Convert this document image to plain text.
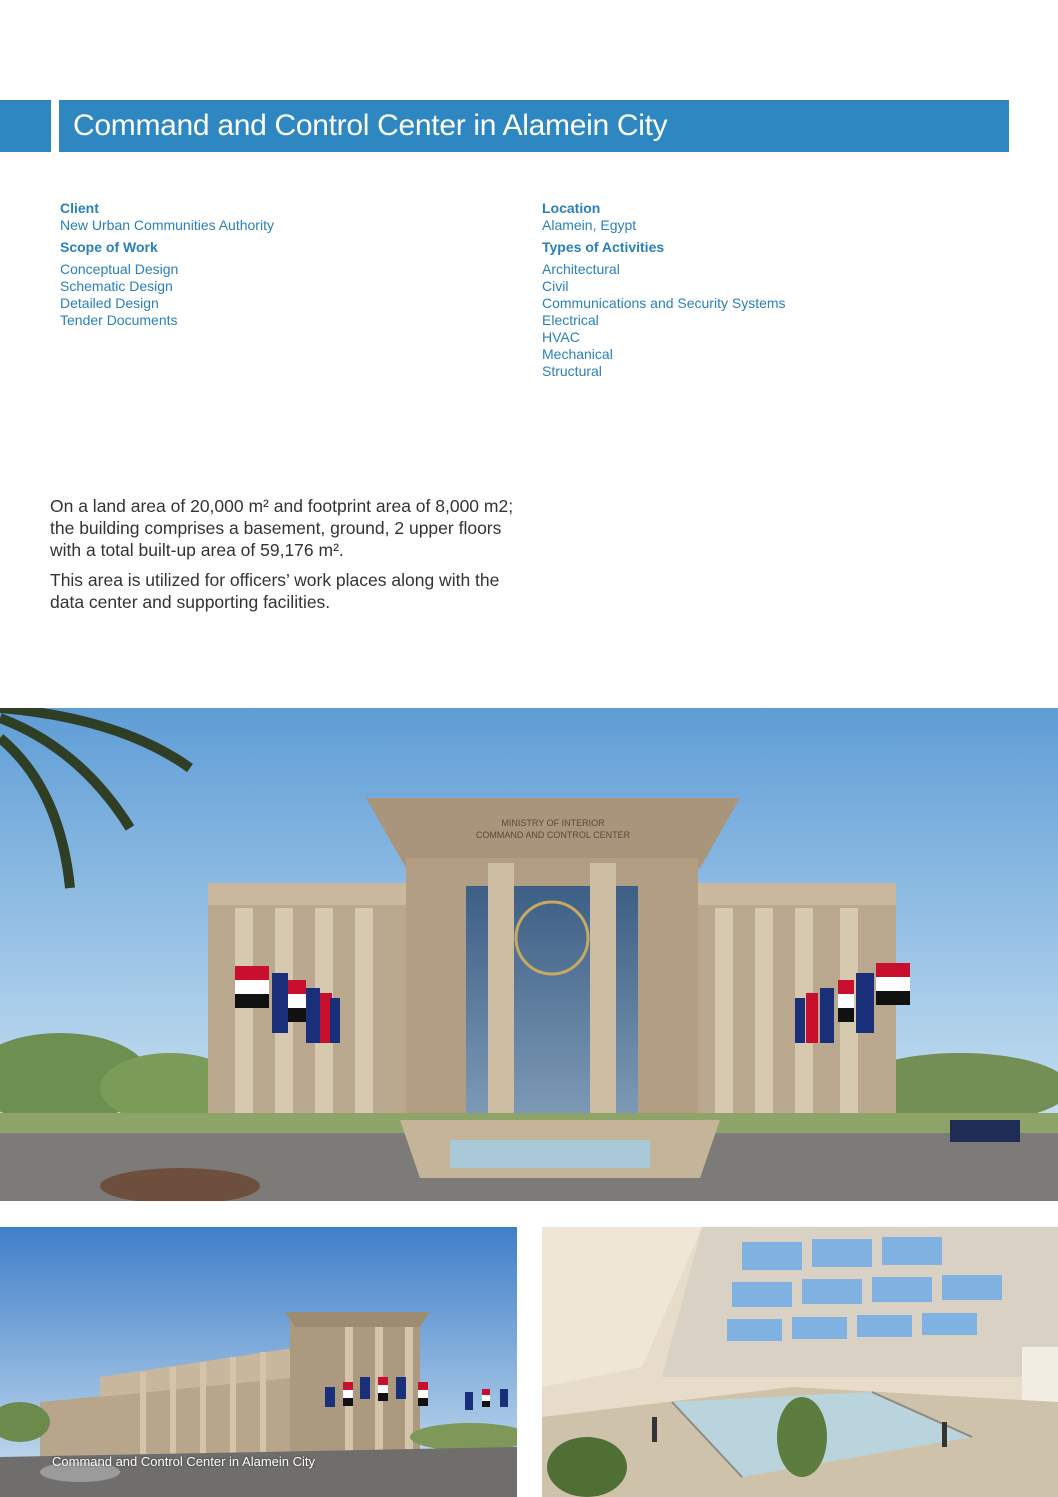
Command and Control Center in Alamein City
Client
New Urban Communities Authority
Scope of Work
Conceptual Design
Schematic Design
Detailed Design
Tender Documents
Location
Alamein, Egypt
Types of Activities
Architectural
Civil
Communications and Security Systems
Electrical
HVAC
Mechanical
Structural

On a land area of 20,000 m² and footprint area of 8,000 m2; the building comprises a basement, ground, 2 upper floors with a total built-up area of 59,176 m².

This area is utilized for officers’ work places along with the data center and supporting facilities.

MINISTRY OF INTERIOR
COMMAND AND CONTROL CENTER
Command and Control Center in Alamein City
